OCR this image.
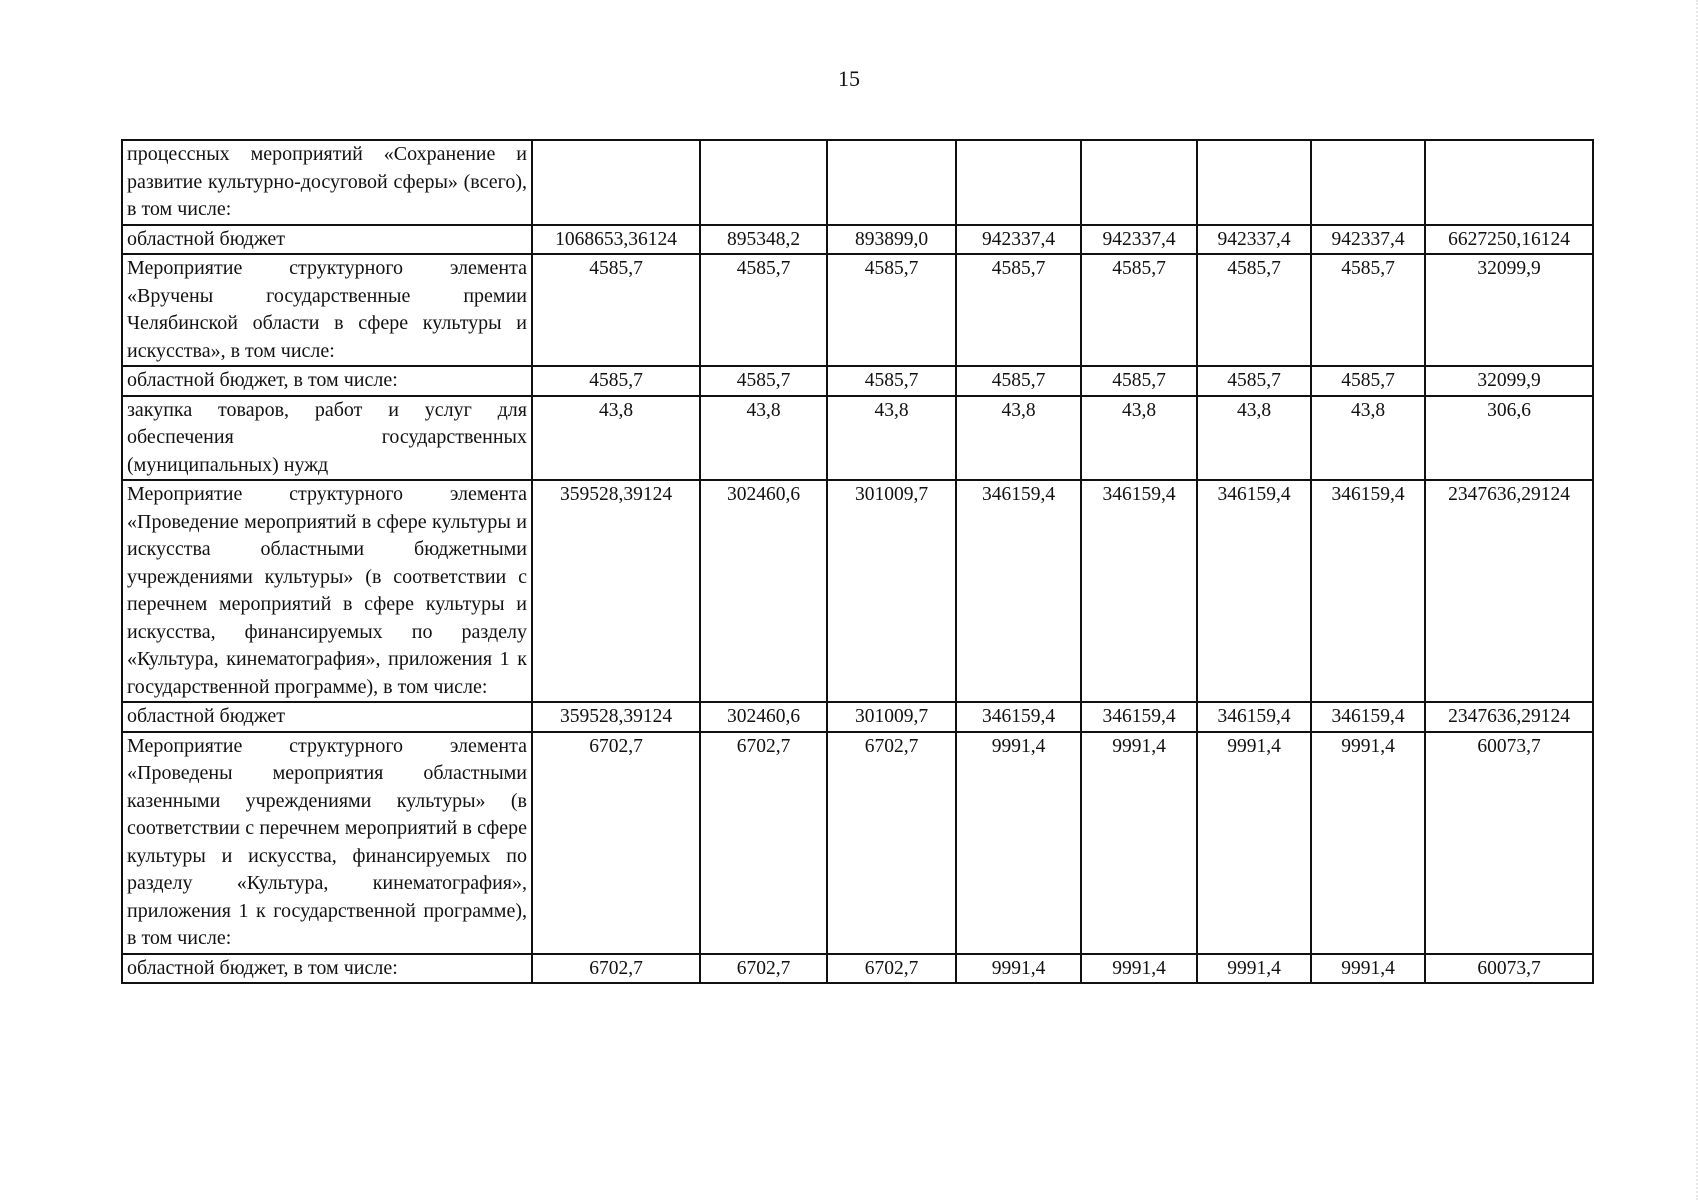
15
процессных мероприятий «Сохранение и развитие культурно-досуговой сферы» (всего), в том числе:								
областной бюджет	1068653,36124	895348,2	893899,0	942337,4	942337,4	942337,4	942337,4	6627250,16124
Мероприятие структурного элемента «Вручены государственные премии Челябинской области в сфере культуры и искусства», в том числе:	4585,7	4585,7	4585,7	4585,7	4585,7	4585,7	4585,7	32099,9
областной бюджет, в том числе:	4585,7	4585,7	4585,7	4585,7	4585,7	4585,7	4585,7	32099,9
закупка товаров, работ и услуг для обеспечения государственных (муниципальных) нужд	43,8	43,8	43,8	43,8	43,8	43,8	43,8	306,6
Мероприятие структурного элемента «Проведение мероприятий в сфере культуры и искусства областными бюджетными учреждениями культуры» (в соответствии с перечнем мероприятий в сфере культуры и искусства, финансируемых по разделу «Культура, кинематография», приложения 1 к государственной программе), в том числе:	359528,39124	302460,6	301009,7	346159,4	346159,4	346159,4	346159,4	2347636,29124
областной бюджет	359528,39124	302460,6	301009,7	346159,4	346159,4	346159,4	346159,4	2347636,29124
Мероприятие структурного элемента «Проведены мероприятия областными казенными учреждениями культуры» (в соответствии с перечнем мероприятий в сфере культуры и искусства, финансируемых по разделу «Культура, кинематография», приложения 1 к государственной программе), в том числе:	6702,7	6702,7	6702,7	9991,4	9991,4	9991,4	9991,4	60073,7
областной бюджет, в том числе:	6702,7	6702,7	6702,7	9991,4	9991,4	9991,4	9991,4	60073,7
